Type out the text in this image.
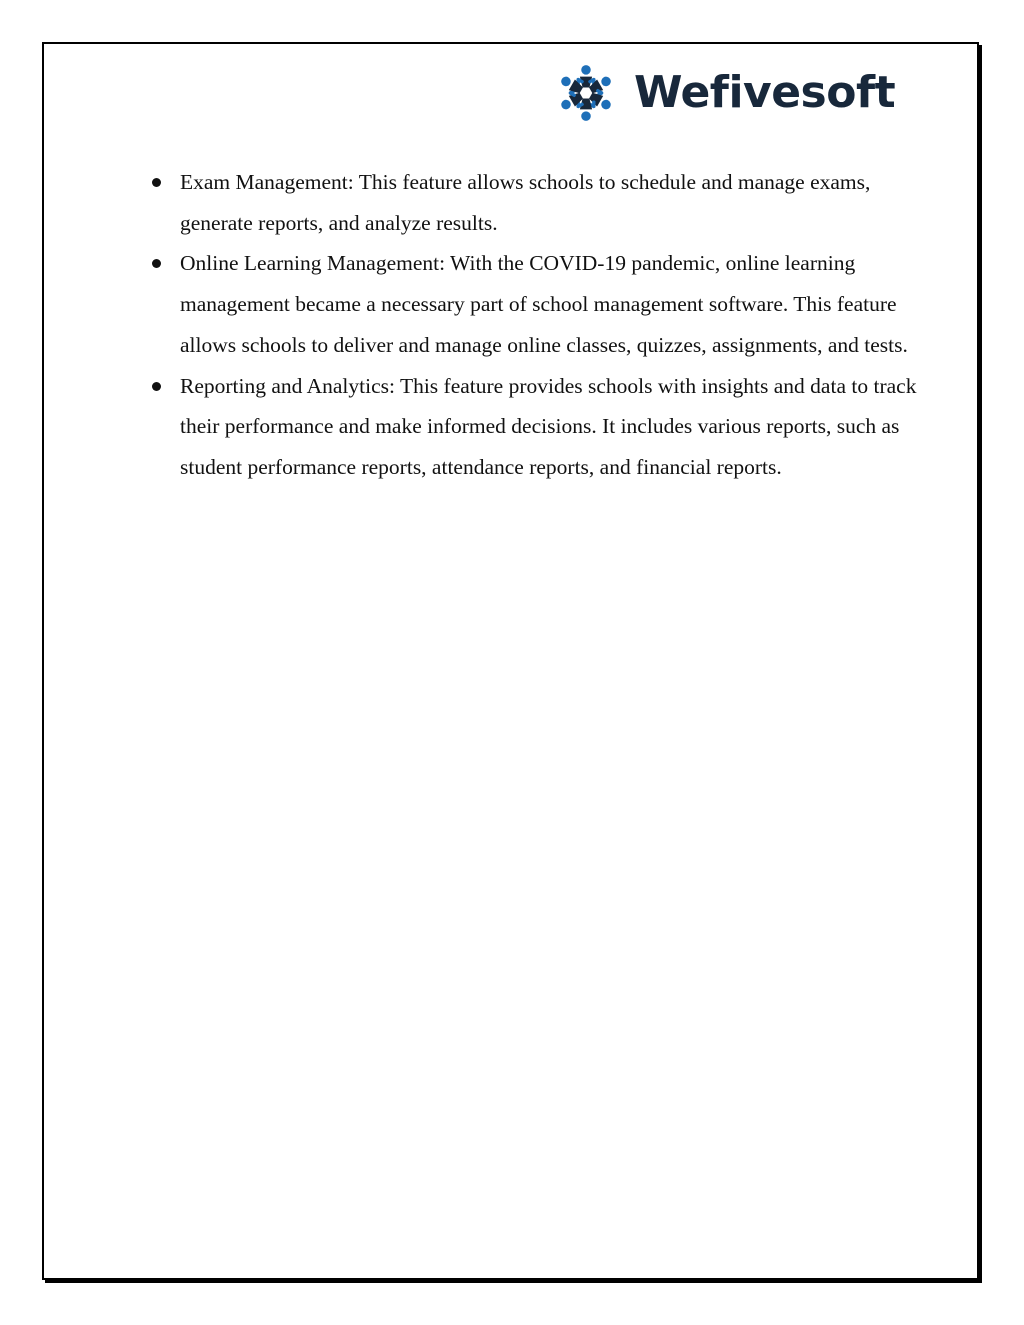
Wefivesoft
Exam Management: This feature allows schools to schedule and manage exams, generate reports, and analyze results.
Online Learning Management: With the COVID-19 pandemic, online learning management became a necessary part of school management software. This feature allows schools to deliver and manage online classes, quizzes, assignments, and tests.
Reporting and Analytics: This feature provides schools with insights and data to track their performance and make informed decisions. It includes various reports, such as student performance reports, attendance reports, and financial reports.
